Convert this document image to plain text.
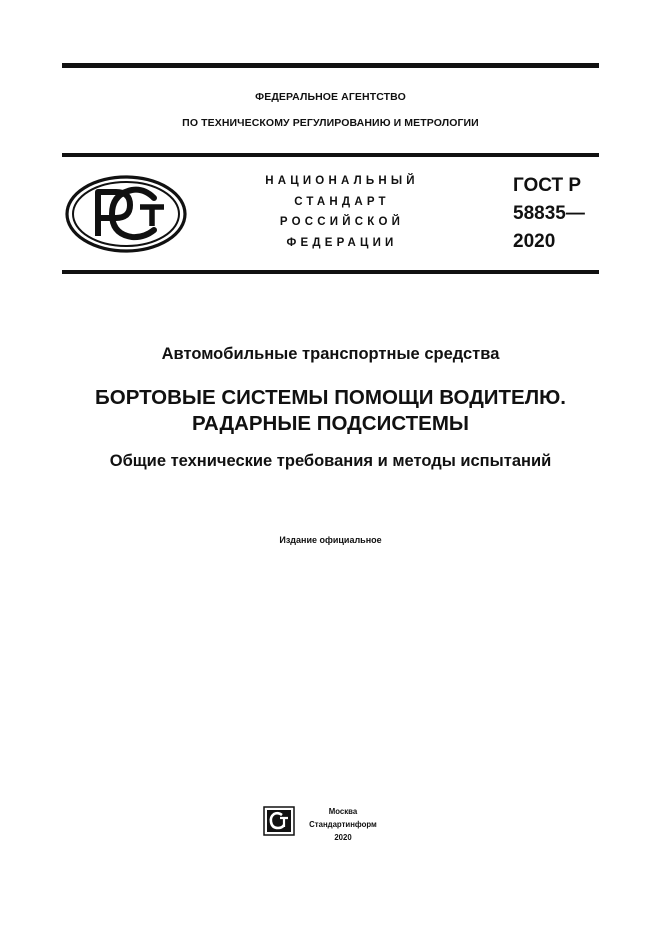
ФЕДЕРАЛЬНОЕ АГЕНТСТВО
ПО ТЕХНИЧЕСКОМУ РЕГУЛИРОВАНИЮ И МЕТРОЛОГИИ
НАЦИОНАЛЬНЫЙ
СТАНДАРТ
РОССИЙСКОЙ
ФЕДЕРАЦИИ
ГОСТ Р
58835—
2020
Автомобильные транспортные средства
БОРТОВЫЕ СИСТЕМЫ ПОМОЩИ ВОДИТЕЛЮ.
РАДАРНЫЕ ПОДСИСТЕМЫ
Общие технические требования и методы испытаний
Издание официальное
Москва
Стандартинформ
2020
